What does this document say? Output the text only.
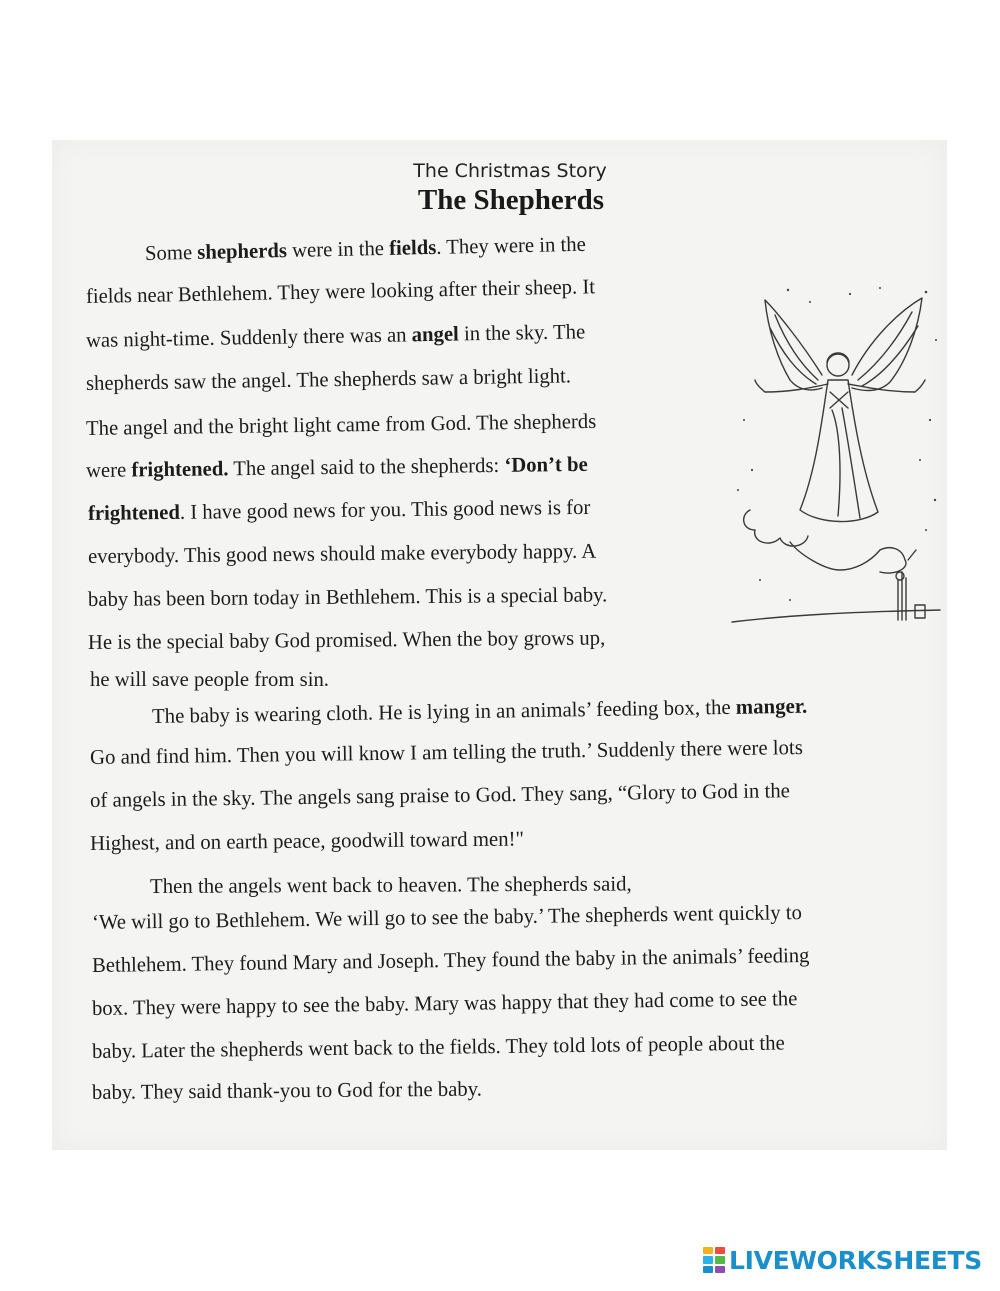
The Christmas Story
The Shepherds
Some shepherds were in the fields. They were in the
fields near Bethlehem. They were looking after their sheep. It
was night-time. Suddenly there was an angel in the sky. The
shepherds saw the angel. The shepherds saw a bright light.
The angel and the bright light came from God. The shepherds
were frightened. The angel said to the shepherds: ‘Don’t be
frightened. I have good news for you. This good news is for
everybody. This good news should make everybody happy. A
baby has been born today in Bethlehem. This is a special baby.
He is the special baby God promised. When the boy grows up,
he will save people from sin.
The baby is wearing cloth. He is lying in an animals’ feeding box, the manger.
Go and find him. Then you will know I am telling the truth.’ Suddenly there were lots
of angels in the sky. The angels sang praise to God. They sang, “Glory to God in the
Highest, and on earth peace, goodwill toward men!"
Then the angels went back to heaven. The shepherds said,
‘We will go to Bethlehem. We will go to see the baby.’ The shepherds went quickly to
Bethlehem. They found Mary and Joseph. They found the baby in the animals’ feeding
box. They were happy to see the baby. Mary was happy that they had come to see the
baby. Later the shepherds went back to the fields. They told lots of people about the
baby. They said thank-you to God for the baby.
LIVEWORKSHEETS
